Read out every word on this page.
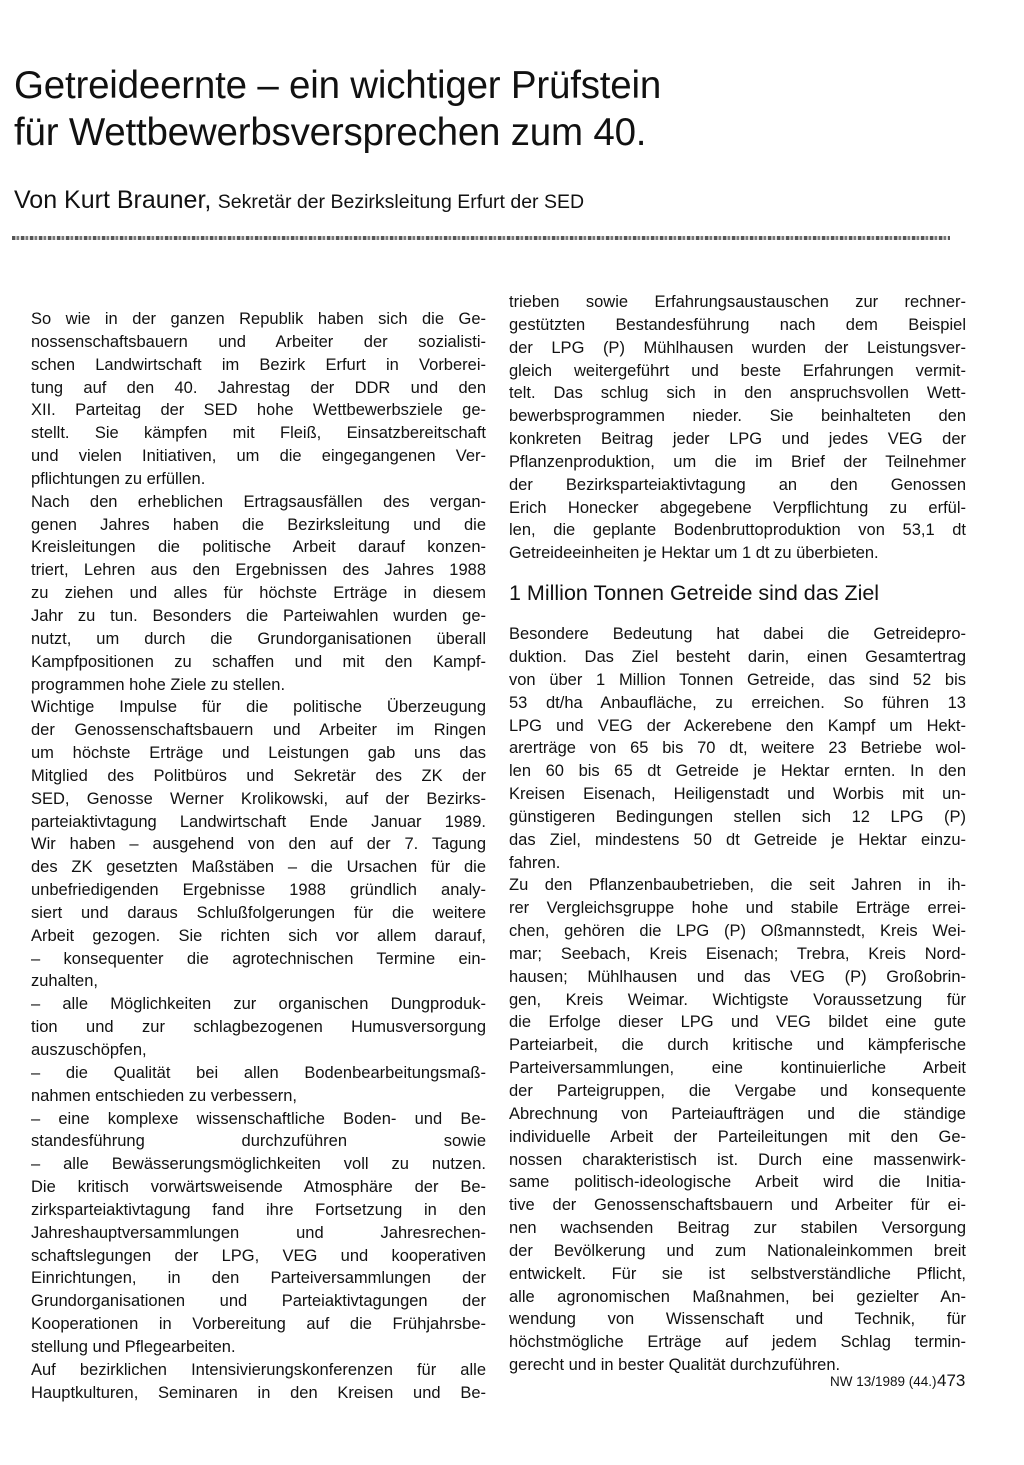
Getreideernte – ein wichtiger Prüfstein
für Wettbewerbsversprechen zum 40.
Von Kurt Brauner, Sekretär der Bezirksleitung Erfurt der SED
So wie in der ganzen Republik haben sich die Ge-
nossenschaftsbauern und Arbeiter der sozialisti-
schen Landwirtschaft im Bezirk Erfurt in Vorberei-
tung auf den 40. Jahrestag der DDR und den
XII. Parteitag der SED hohe Wettbewerbsziele ge-
stellt. Sie kämpfen mit Fleiß, Einsatzbereitschaft
und vielen Initiativen, um die eingegangenen Ver-
pflichtungen zu erfüllen.
Nach den erheblichen Ertragsausfällen des vergan-
genen Jahres haben die Bezirksleitung und die
Kreisleitungen die politische Arbeit darauf konzen-
triert, Lehren aus den Ergebnissen des Jahres 1988
zu ziehen und alles für höchste Erträge in diesem
Jahr zu tun. Besonders die Parteiwahlen wurden ge-
nutzt, um durch die Grundorganisationen überall
Kampfpositionen zu schaffen und mit den Kampf-
programmen hohe Ziele zu stellen.
Wichtige Impulse für die politische Überzeugung
der Genossenschaftsbauern und Arbeiter im Ringen
um höchste Erträge und Leistungen gab uns das
Mitglied des Politbüros und Sekretär des ZK der
SED, Genosse Werner Krolikowski, auf der Bezirks-
parteiaktivtagung Landwirtschaft Ende Januar 1989.
Wir haben – ausgehend von den auf der 7. Tagung
des ZK gesetzten Maßstäben – die Ursachen für die
unbefriedigenden Ergebnisse 1988 gründlich analy-
siert und daraus Schlußfolgerungen für die weitere
Arbeit gezogen. Sie richten sich vor allem darauf,
– konsequenter die agrotechnischen Termine ein-
zuhalten,
– alle Möglichkeiten zur organischen Dungproduk-
tion und zur schlagbezogenen Humusversorgung
auszuschöpfen,
– die Qualität bei allen Bodenbearbeitungsmaß-
nahmen entschieden zu verbessern,
– eine komplexe wissenschaftliche Boden- und Be-
standesführung durchzuführen sowie
– alle Bewässerungsmöglichkeiten voll zu nutzen.
Die kritisch vorwärtsweisende Atmosphäre der Be-
zirksparteiaktivtagung fand ihre Fortsetzung in den
Jahreshauptversammlungen und Jahresrechen-
schaftslegungen der LPG, VEG und kooperativen
Einrichtungen, in den Parteiversammlungen der
Grundorganisationen und Parteiaktivtagungen der
Kooperationen in Vorbereitung auf die Frühjahrsbe-
stellung und Pflegearbeiten.
Auf bezirklichen Intensivierungskonferenzen für alle
Hauptkulturen, Seminaren in den Kreisen und Be-
trieben sowie Erfahrungsaustauschen zur rechner-
gestützten Bestandesführung nach dem Beispiel
der LPG (P) Mühlhausen wurden der Leistungsver-
gleich weitergeführt und beste Erfahrungen vermit-
telt. Das schlug sich in den anspruchsvollen Wett-
bewerbsprogrammen nieder. Sie beinhalteten den
konkreten Beitrag jeder LPG und jedes VEG der
Pflanzenproduktion, um die im Brief der Teilnehmer
der Bezirksparteiaktivtagung an den Genossen
Erich Honecker abgegebene Verpflichtung zu erfül-
len, die geplante Bodenbruttoproduktion von 53,1 dt
Getreideeinheiten je Hektar um 1 dt zu überbieten.
1 Million Tonnen Getreide sind das Ziel
Besondere Bedeutung hat dabei die Getreidepro-
duktion. Das Ziel besteht darin, einen Gesamtertrag
von über 1 Million Tonnen Getreide, das sind 52 bis
53 dt/ha Anbaufläche, zu erreichen. So führen 13
LPG und VEG der Ackerebene den Kampf um Hekt-
arerträge von 65 bis 70 dt, weitere 23 Betriebe wol-
len 60 bis 65 dt Getreide je Hektar ernten. In den
Kreisen Eisenach, Heiligenstadt und Worbis mit un-
günstigeren Bedingungen stellen sich 12 LPG (P)
das Ziel, mindestens 50 dt Getreide je Hektar einzu-
fahren.
Zu den Pflanzenbaubetrieben, die seit Jahren in ih-
rer Vergleichsgruppe hohe und stabile Erträge errei-
chen, gehören die LPG (P) Oßmannstedt, Kreis Wei-
mar; Seebach, Kreis Eisenach; Trebra, Kreis Nord-
hausen; Mühlhausen und das VEG (P) Großobrin-
gen, Kreis Weimar. Wichtigste Voraussetzung für
die Erfolge dieser LPG und VEG bildet eine gute
Parteiarbeit, die durch kritische und kämpferische
Parteiversammlungen, eine kontinuierliche Arbeit
der Parteigruppen, die Vergabe und konsequente
Abrechnung von Parteiaufträgen und die ständige
individuelle Arbeit der Parteileitungen mit den Ge-
nossen charakteristisch ist. Durch eine massenwirk-
same politisch-ideologische Arbeit wird die Initia-
tive der Genossenschaftsbauern und Arbeiter für ei-
nen wachsenden Beitrag zur stabilen Versorgung
der Bevölkerung und zum Nationaleinkommen breit
entwickelt. Für sie ist selbstverständliche Pflicht,
alle agronomischen Maßnahmen, bei gezielter An-
wendung von Wissenschaft und Technik, für
höchstmögliche Erträge auf jedem Schlag termin-
gerecht und in bester Qualität durchzuführen.
NW 13/1989 (44.) 473
